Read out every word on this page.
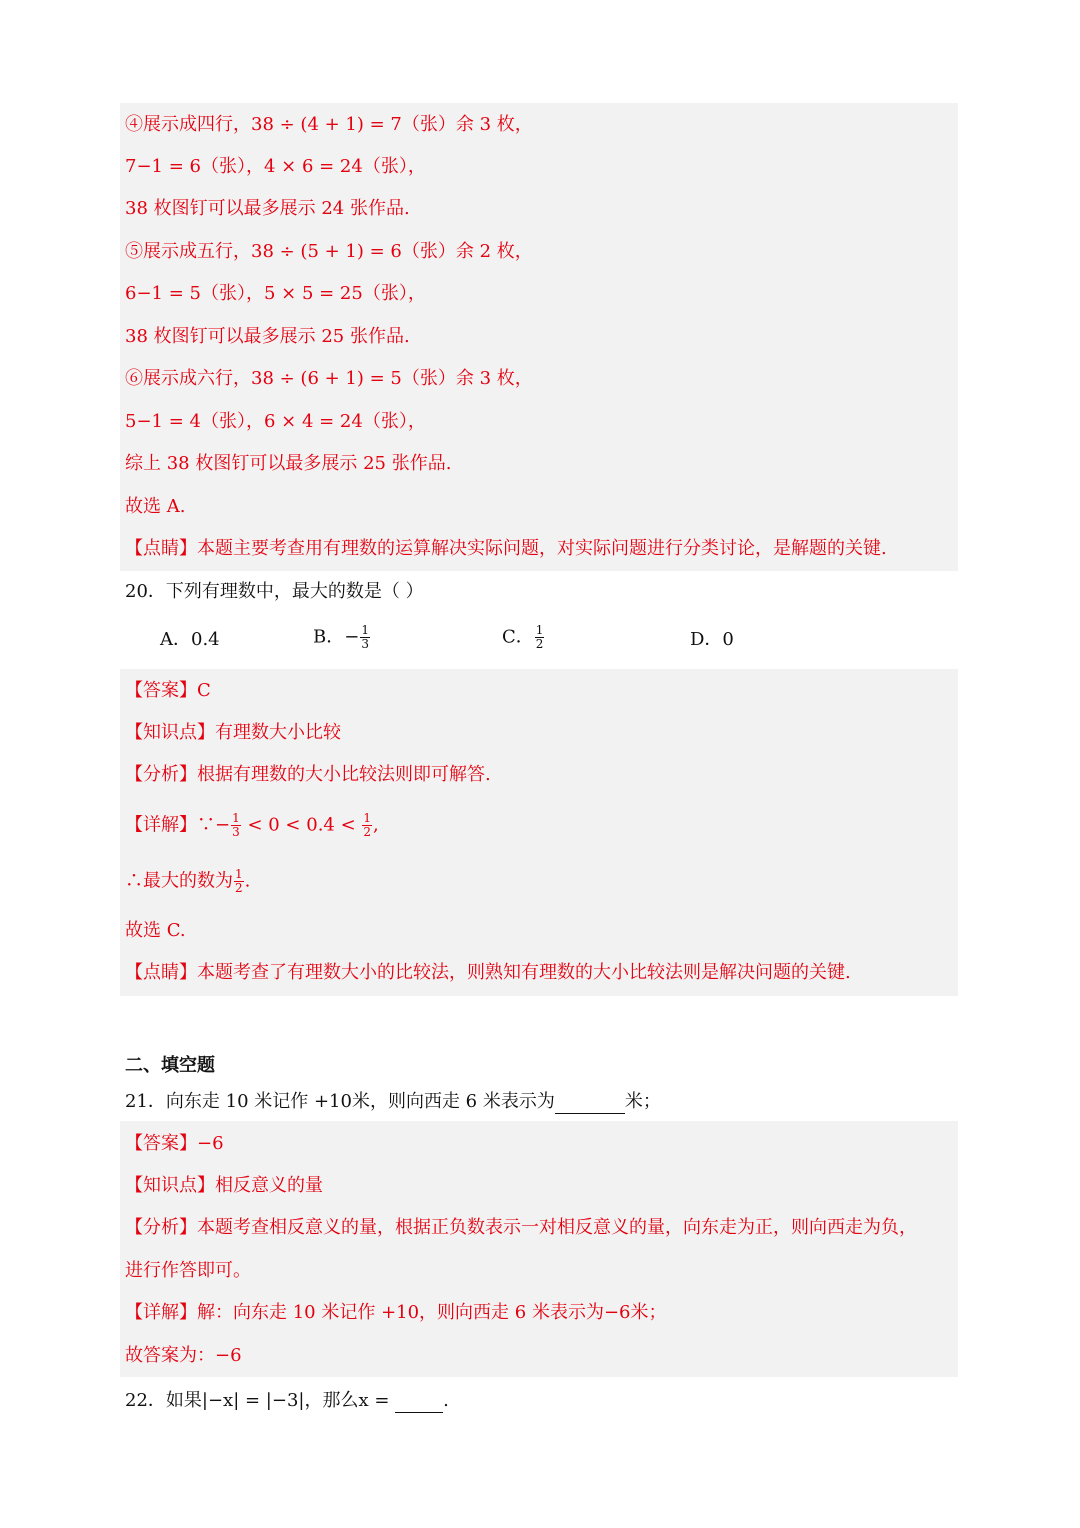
④展示成四行，38 ÷ (4 + 1) = 7（张）余 3 枚，
7−1 = 6（张），4 × 6 = 24（张），
38 枚图钉可以最多展示 24 张作品.
⑤展示成五行，38 ÷ (5 + 1) = 6（张）余 2 枚，
6−1 = 5（张），5 × 5 = 25（张），
38 枚图钉可以最多展示 25 张作品.
⑥展示成六行，38 ÷ (6 + 1) = 5（张）余 3 枚，
5−1 = 4（张），6 × 4 = 24（张），
综上 38 枚图钉可以最多展示 25 张作品.
故选 A.
【点睛】本题主要考查用有理数的运算解决实际问题，对实际问题进行分类讨论，是解题的关键.
20．下列有理数中，最大的数是（ ）
A．0.4	B．− $\frac{1}{3}$	C． $\frac{1}{2}$	D．0
【答案】C
【知识点】有理数大小比较
【分析】根据有理数的大小比较法则即可解答.
【详解】∵− $\frac{1}{3} < 0 < 0.4 < \frac{1}{2}$ ,
∴最大的数为 $\frac{1}{2}$ .
故选 C.
【点睛】本题考查了有理数大小的比较法，则熟知有理数的大小比较法则是解决问题的关键.
二、填空题
21．向东走 10 米记作 +10米，则向西走 6 米表示为	米；
【答案】−6
【知识点】相反意义的量
【分析】本题考查相反意义的量，根据正负数表示一对相反意义的量，向东走为正，则向西走为负，
进行作答即可。
【详解】解：向东走 10 米记作 +10，则向西走 6 米表示为−6米；
故答案为：−6
22．如果|−x| = |−3|，那么x =	.
